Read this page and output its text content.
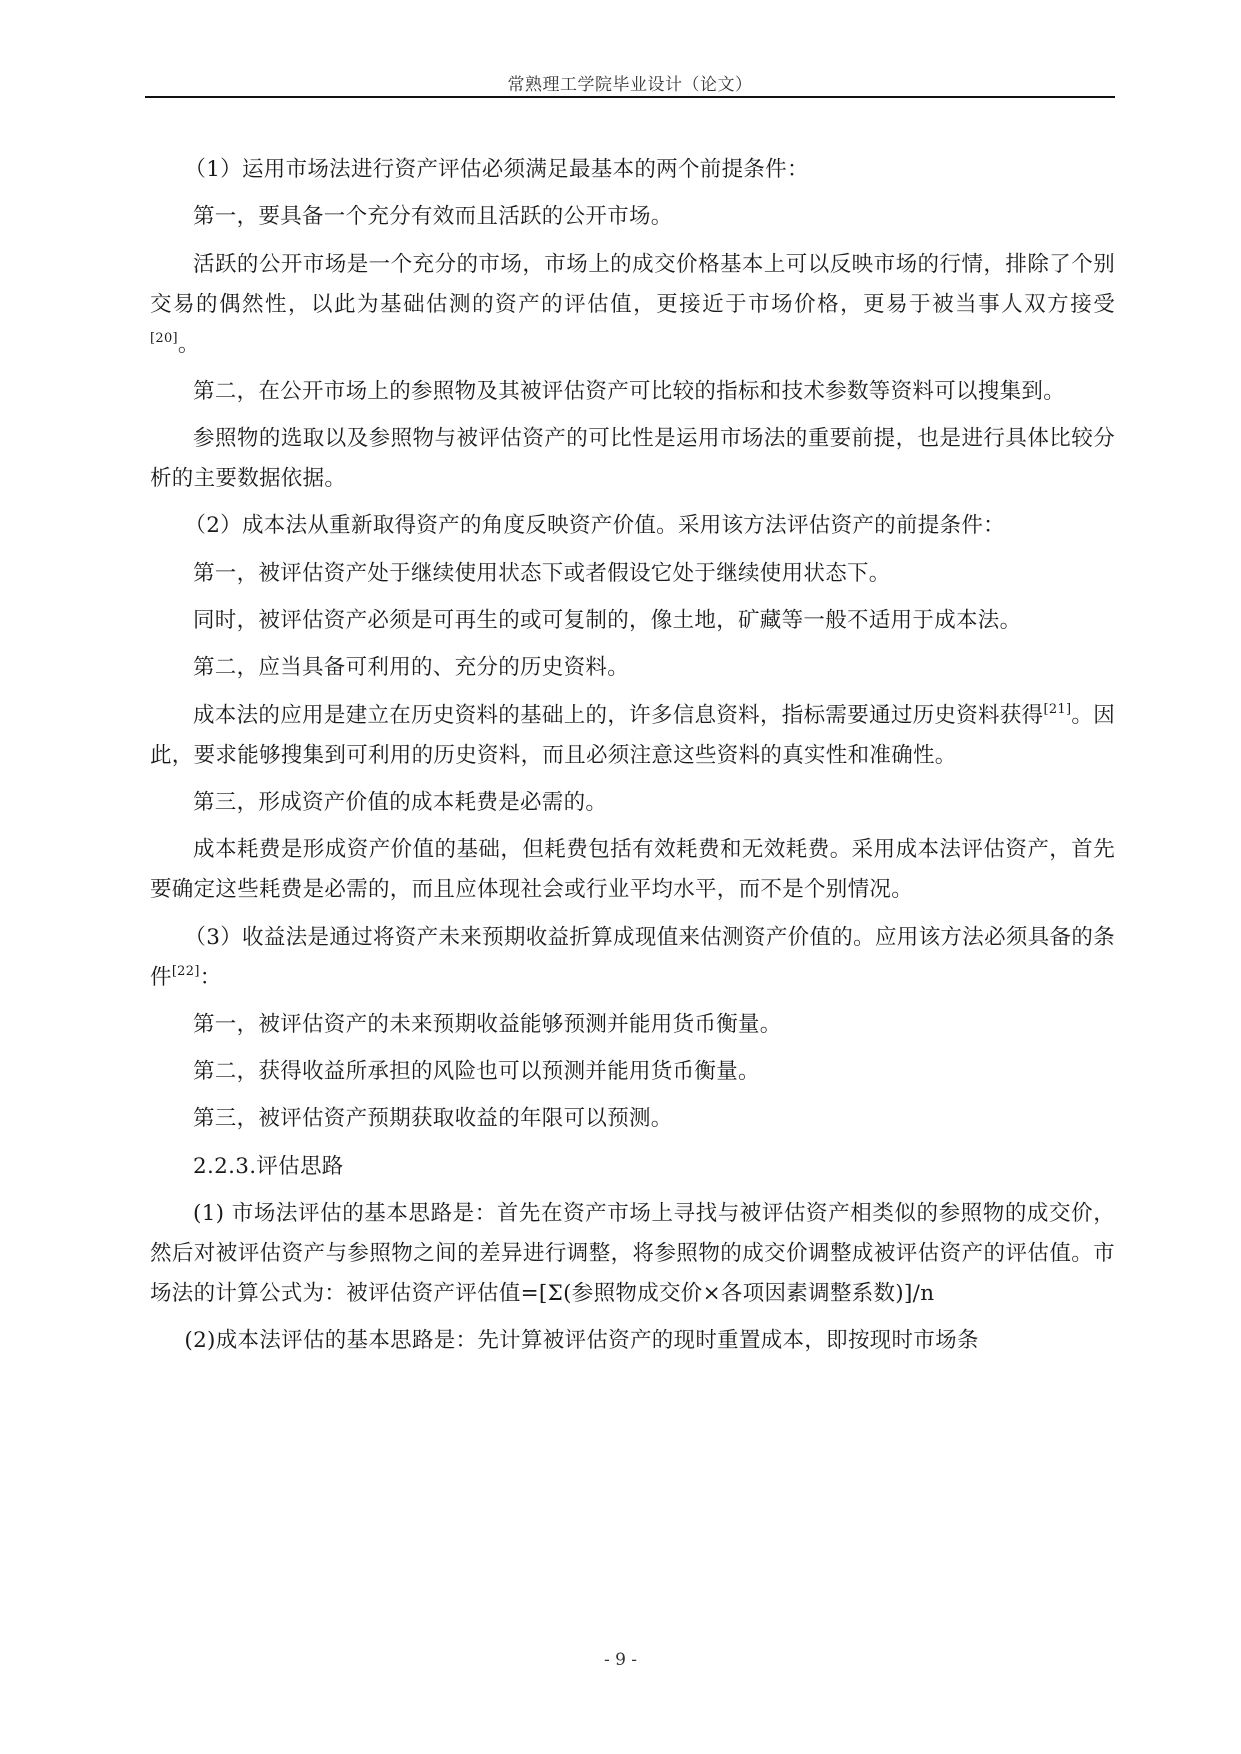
常熟理工学院毕业设计（论文）

（1）运用市场法进行资产评估必须满足最基本的两个前提条件：

第一，要具备一个充分有效而且活跃的公开市场。

活跃的公开市场是一个充分的市场，市场上的成交价格基本上可以反映市场的行情，排除了个别交易的偶然性，以此为基础估测的资产的评估值，更接近于市场价格，更易于被当事人双方接受[20]。

第二，在公开市场上的参照物及其被评估资产可比较的指标和技术参数等资料可以搜集到。

参照物的选取以及参照物与被评估资产的可比性是运用市场法的重要前提，也是进行具体比较分析的主要数据依据。

（2）成本法从重新取得资产的角度反映资产价值。采用该方法评估资产的前提条件：

第一，被评估资产处于继续使用状态下或者假设它处于继续使用状态下。

同时，被评估资产必须是可再生的或可复制的，像土地，矿藏等一般不适用于成本法。

第二，应当具备可利用的、充分的历史资料。

成本法的应用是建立在历史资料的基础上的，许多信息资料，指标需要通过历史资料获得[21]。因此，要求能够搜集到可利用的历史资料，而且必须注意这些资料的真实性和准确性。

第三，形成资产价值的成本耗费是必需的。

成本耗费是形成资产价值的基础，但耗费包括有效耗费和无效耗费。采用成本法评估资产，首先要确定这些耗费是必需的，而且应体现社会或行业平均水平，而不是个别情况。

（3）收益法是通过将资产未来预期收益折算成现值来估测资产价值的。应用该方法必须具备的条件[22]：

第一，被评估资产的未来预期收益能够预测并能用货币衡量。

第二，获得收益所承担的风险也可以预测并能用货币衡量。

第三，被评估资产预期获取收益的年限可以预测。

2.2.3.评估思路

(1) 市场法评估的基本思路是：首先在资产市场上寻找与被评估资产相类似的参照物的成交价，然后对被评估资产与参照物之间的差异进行调整，将参照物的成交价调整成被评估资产的评估值。市场法的计算公式为：被评估资产评估值=[Σ(参照物成交价×各项因素调整系数)]/n

(2)成本法评估的基本思路是：先计算被评估资产的现时重置成本，即按现时市场条

- 9 -
